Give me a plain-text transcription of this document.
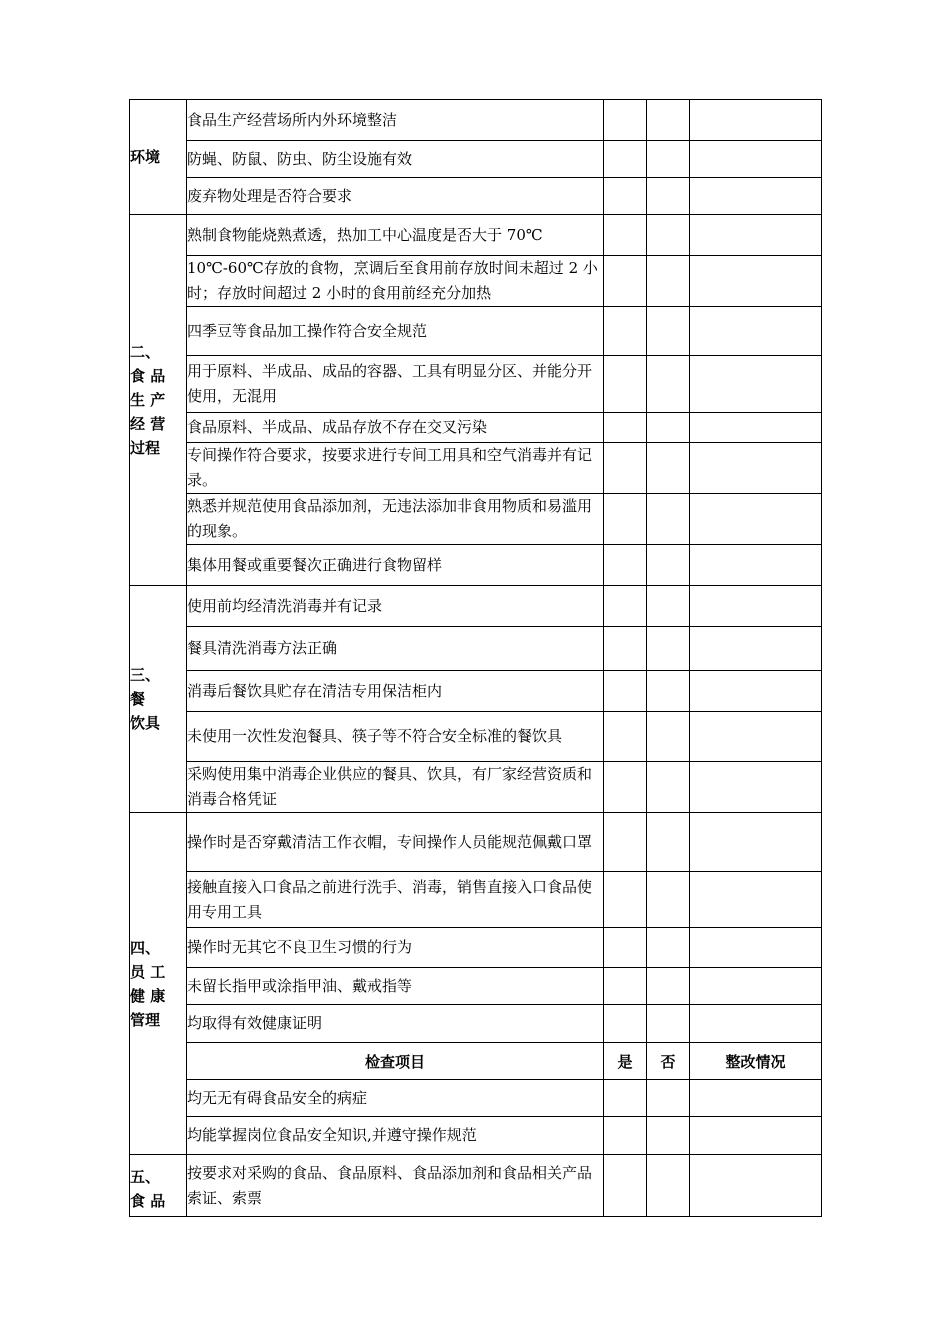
环境	食品生产经营场所内外环境整洁			
	防蝇、防鼠、防虫、防尘设施有效			
	废弃物处理是否符合要求			

二、
食 品
生 产
经 营
过程	熟制食物能烧熟煮透，热加工中心温度是否大于 70℃			
	10℃-60℃存放的食物，烹调后至食用前存放时间未超过 2 小时；存放时间超过 2 小时的食用前经充分加热			
	四季豆等食品加工操作符合安全规范			
	用于原料、半成品、成品的容器、工具有明显分区、并能分开使用，无混用			
	食品原料、半成品、成品存放不存在交叉污染			
	专间操作符合要求，按要求进行专间工用具和空气消毒并有记录。			
	熟悉并规范使用食品添加剂，无违法添加非食用物质和易滥用的现象。			
	集体用餐或重要餐次正确进行食物留样			

三、
餐
饮具	使用前均经清洗消毒并有记录			
	餐具清洗消毒方法正确			
	消毒后餐饮具贮存在清洁专用保洁柜内			
	未使用一次性发泡餐具、筷子等不符合安全标准的餐饮具			
	采购使用集中消毒企业供应的餐具、饮具，有厂家经营资质和消毒合格凭证			

四、
员 工
健 康
管理	操作时是否穿戴清洁工作衣帽，专间操作人员能规范佩戴口罩			
	接触直接入口食品之前进行洗手、消毒，销售直接入口食品使用专用工具			
	操作时无其它不良卫生习惯的行为			
	未留长指甲或涂指甲油、戴戒指等			
	均取得有效健康证明			
	检查项目	是	否	整改情况
	均无无有碍食品安全的病症			
	均能掌握岗位食品安全知识,并遵守操作规范			

五、
食 品	按要求对采购的食品、食品原料、食品添加剂和食品相关产品索证、索票			
